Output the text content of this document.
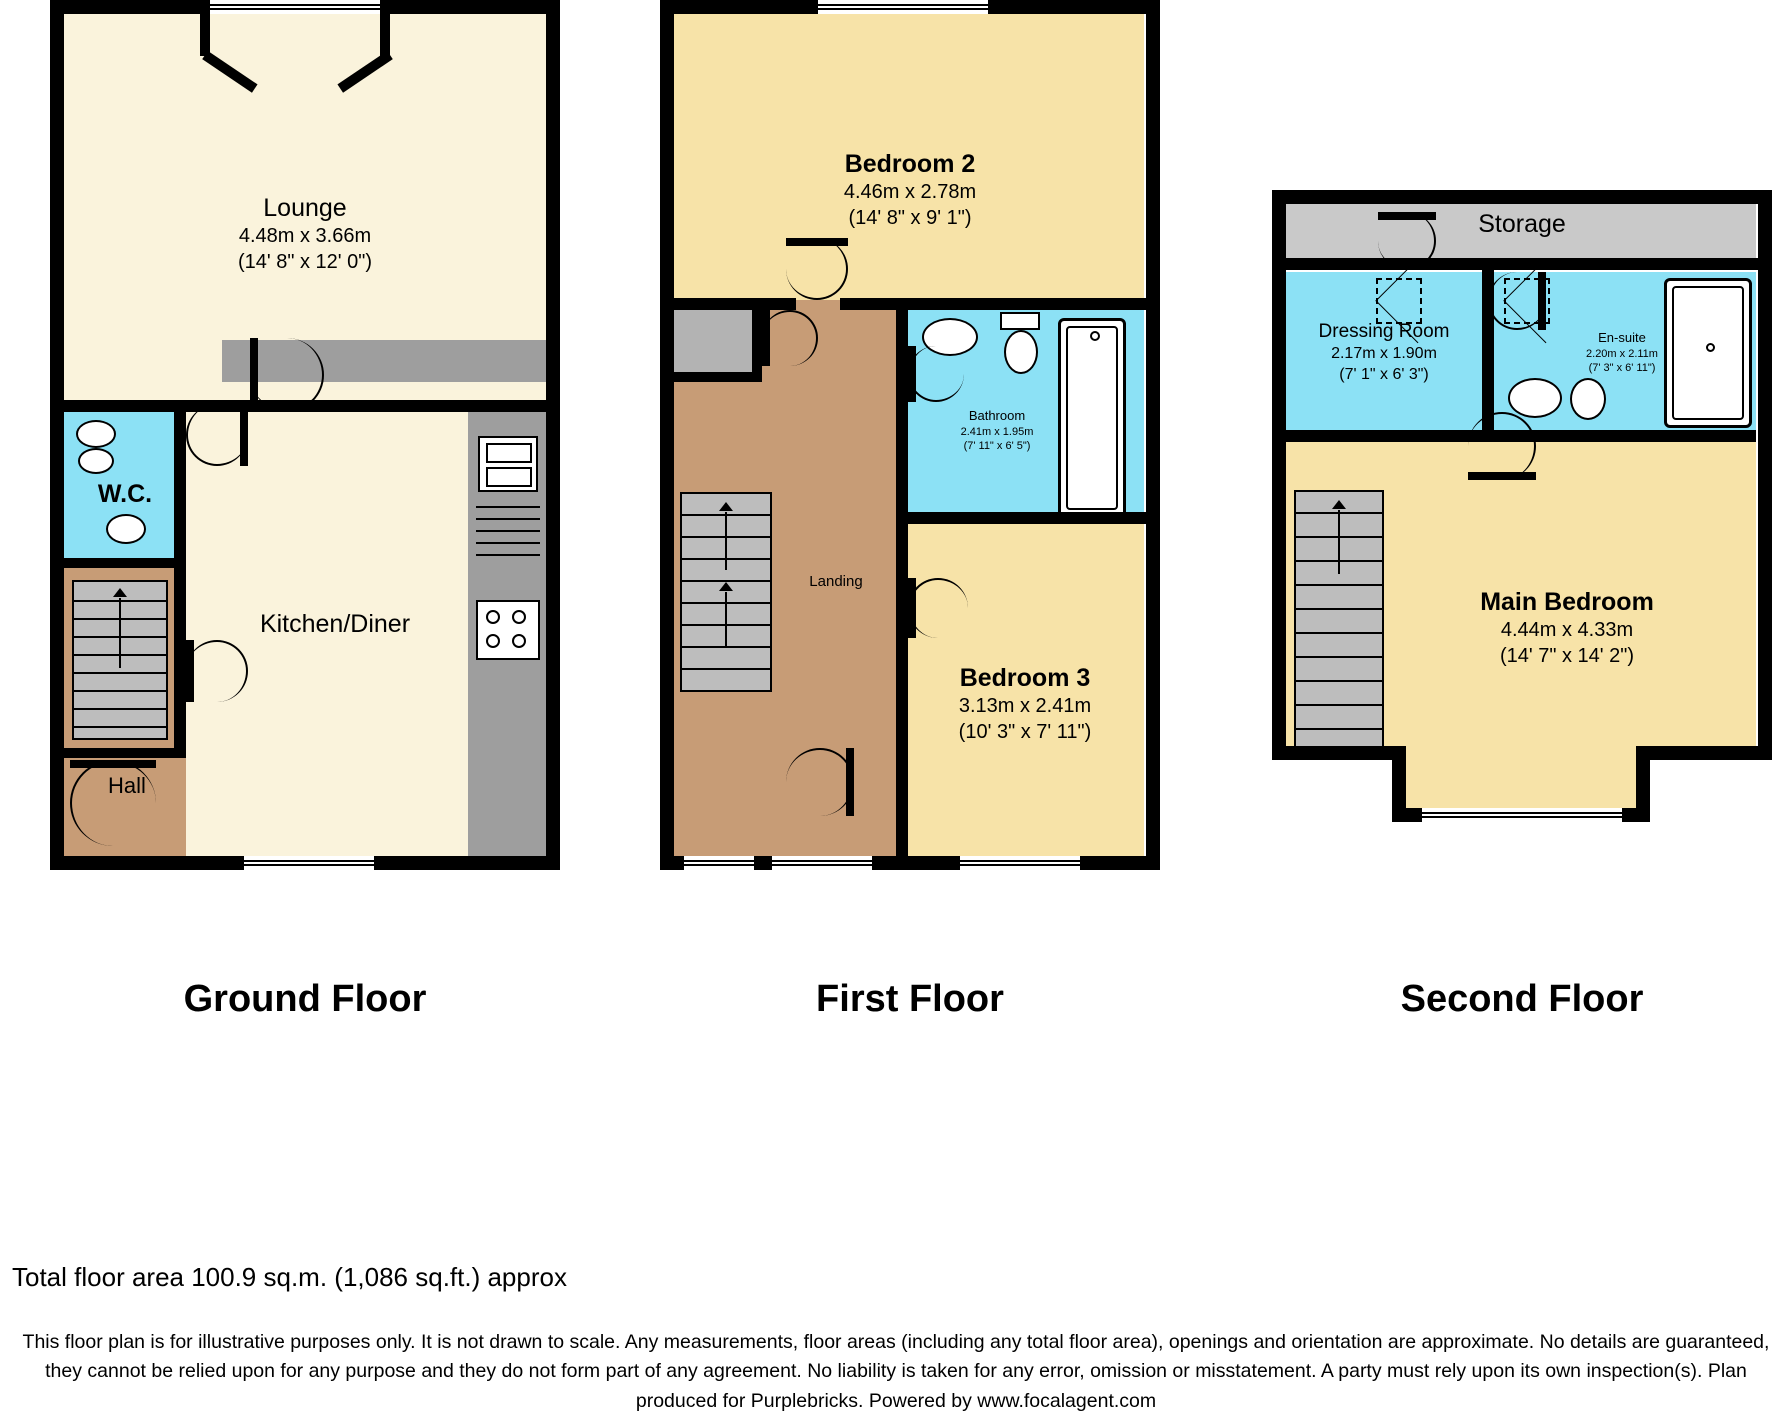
Lounge
4.48m x 3.66m
(14' 8" x 12' 0")
W.C.
Kitchen/Diner
Hall
Ground Floor
Bedroom 2
4.46m x 2.78m
(14' 8" x 9' 1")
Bathroom
2.41m x 1.95m
(7' 11" x 6' 5")
Landing
Bedroom 3
3.13m x 2.41m
(10' 3" x 7' 11")
First Floor
Storage
Dressing Room
2.17m x 1.90m
(7' 1" x 6' 3")
En-suite
2.20m x 2.11m
(7' 3" x 6' 11")
Main Bedroom
4.44m x 4.33m
(14' 7" x 14' 2")
Second Floor
Total floor area 100.9 sq.m. (1,086 sq.ft.) approx
This floor plan is for illustrative purposes only. It is not drawn to scale. Any measurements, floor areas (including any total floor area), openings and orientation are approximate. No details are guaranteed, they cannot be relied upon for any purpose and they do not form part of any agreement. No liability is taken for any error, omission or misstatement. A party must rely upon its own inspection(s). Plan produced for Purplebricks. Powered by www.focalagent.com
